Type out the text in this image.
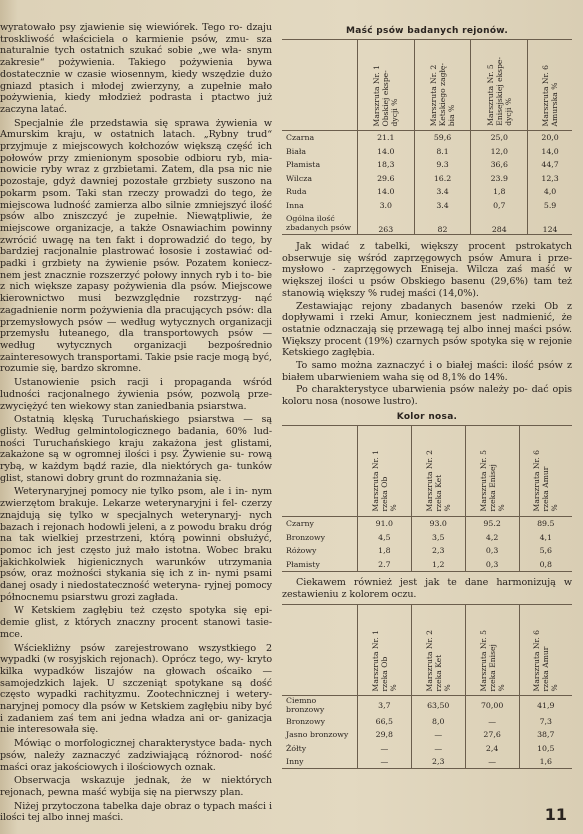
wyratowało psy zjawienie się wiewiórek. Tego ro- dzaju troskliwość właściciela o karmienie psów, zmu- sza naturalnie tych ostatnich szukać sobie „we wła- snym zakresie“ pożywienia. Takiego pożywienia bywa dostatecznie w czasie wiosennym, kiedy wszędzie dużo gniazd ptasich i młodej zwierzyny, a zupełnie mało pożywienia, kiedy młodzież podrasta i ptactwo już zaczyna latać.

Specjalnie źle przedstawia się sprawa żywienia w Amurskim kraju, w ostatnich latach. „Rybny trud“ przyjmuje z miejscowych kołchozów większą część ich połowów przy zmienionym sposobie odbioru ryb, mia- nowicie ryby wraz z grzbietami. Zatem, dla psa nic nie pozostaje, gdyż dawniej pozostałe grzbiety suszono na pokarm psom. Taki stan rzeczy prowadzi do tego, że miejscowa ludność zamierza albo silnie zmniejszyć ilość psów albo zniszczyć je zupełnie. Niewątpliwie, że miejscowe organizacje, a także Osnawiachim powinny zwrócić uwagę na ten fakt i doprowadzić do tego, by bardziej racjonalnie plastrować łososie i zostawiać od- padki i grzbiety na żywienie psów. Pozatem koniecz- nem jest znacznie rozszerzyć połowy innych ryb i to- bie z nich większe zapasy pożywienia dla psów. Miejscowe kierownictwo musi bezwzględnie rozstrzyg- nąć zagadnienie norm pożywienia dla pracujących psów: dla przemysłowych psów — według wytycznych organizacji przemysłu łuteanego, dla transportowych psów — według wytycznych organizacji bezpośrednio zainteresowych transportami. Takie psie racje mogą być, rozumie się, bardzo skromne.

Ustanowienie psich racji i propaganda wśród ludności racjonalnego żywienia psów, pozwolą prze- zwyciężyć ten wiekowy stan zaniedbania psiarstwa.

Ostatnią klęską Turuchańskiego psiarstwa — są glisty. Według gelmintologicznego badania, 60% lud- ności Turuchańskiego kraju zakażona jest glistami, zakażone są w ogromnej ilości i psy. Żywienie su- rową rybą, w każdym bądź razie, dla niektórych ga- tunków glist, stanowi dobry grunt do rozmnażania się.

Weterynaryjnej pomocy nie tylko psom, ale i in- nym zwierzętom brakuje. Lekarze weterynaryjni i fel- czerzy znajdują się tylko w specjalnych weterynaryj- nych bazach i rejonach hodowli jeleni, a z powodu braku dróg na tak wielkiej przestrzeni, którą powinni obsłużyć, pomoc ich jest często już mało istotna. Wobec braku jakichkolwiek higienicznych warunków utrzymania psów, oraz możności stykania się ich z in- nymi psami danej osady i niedostateczność weteryna- ryjnej pomocy północnemu psiarstwu grozi zagłada.

W Ketskiem zagłębiu też często spotyka się epi- demie glist, z których znaczny procent stanowi tasie- mce.

Wściekliżny psów zarejestrowano wszystkiego 2 wypadki (w rosyjskich rejonach). Oprócz tego, wy- kryto kilka wypadków liszajów na głowach oścaiko — samojedzkich lajek. U szczeniąt spotykane są dość często wypadki rachityzmu. Zootechnicznej i wetery- naryjnej pomocy dla psów w Ketskiem zagłębiu niby być i zadaniem zaś tem ani jedna władza ani or- ganizacja nie interesowała się.

Mówiąc o morfologicznej charakterystyce bada- nych psów, należy zaznaczyć zadziwiającą różnorod- ność maści oraz jakościowych i ilościowych oznak.

Obserwacja wskazuje jednak, że w niektórych rejonach, pewna maść wybija się na pierwszy plan.

Niżej przytoczona tabelka daje obraz o typach maści i ilości tej albo innej maści.

Maść psów badanych rejonów.

	Marszruta Nr. 1
Obskiej ekspe-
dycji %	Marszruta Nr. 2
Ketskiego zagłę-
bia %	Marszruta Nr. 5
Enisejskiej ekspe-
dycji %	Marszruta Nr. 6
Amurska %

Czarna	21.1	59,6	25,0	20,0
Biała	14.0	8.1	12,0	14,0
Płamista	18,3	9.3	36,6	44,7
Wilcza	29.6	16.2	23.9	12,3
Ruda	14.0	3.4	1,8	4,0
Inna	3.0	3.4	0,7	5.9
Ogólna ilość zbadanych psów	263	82	284	124

Jak widać z tabelki, większy procent pstrokatych obserwuje się wśród zaprzęgowych psów Amura i prze- mysłowo - zaprzęgowych Eniseja. Wilcza zaś maść w większej ilości u psów Obskiego basenu (29,6%) tam też stanowią większy % rudej maści (14,0%).

Zestawiając rejony zbadanych basenów rzeki Ob z dopływami i rzeki Amur, koniecznem jest nadmienić, że ostatnie odznaczają się przewagą tej albo innej maści psów. Większy procent (19%) czarnych psów spotyka się w rejonie Ketskiego zagłębia.

To samo można zaznaczyć i o białej maści: ilość psów z białem ubarwieniem waha się od 8,1% do 14%.

Po charakterystyce ubarwienia psów należy po- dać opis koloru nosa (nosowe lustro).

Kolor nosa.

	Marszruta Nr. 1
rzeka Ob
%	Marszruta Nr. 2
rzeka Ket
%	Marszruta Nr. 5
rzeka Enisej
%	Marszruta Nr. 6
rzeka Amur
%

Czarny	91.0	93.0	95.2	89.5
Bronzowy	4,5	3,5	4,2	4,1
Różowy	1,8	2,3	0,3	5,6
Płamisty	2.7	1,2	0,3	0,8

Ciekawem również jest jak te dane harmonizują w zestawieniu z kolorem oczu.

	Marszruta Nr. 1
rzeka Ob
%	Marszruta Nr. 2
rzeka Ket
%	Marszruta Nr. 5
rzeka Enisej
%	Marszruta Nr. 6
rzeka Amur
%

Ciemno bronzowy	3,7	63,50	70,00	41,9
Bronzowy	66,5	8,0	—	7,3
Jasno bronzowy	29,8	—	27,6	38,7
Żółty	—	—	2,4	10,5
Inny	—	2,3	—	1,6
11
